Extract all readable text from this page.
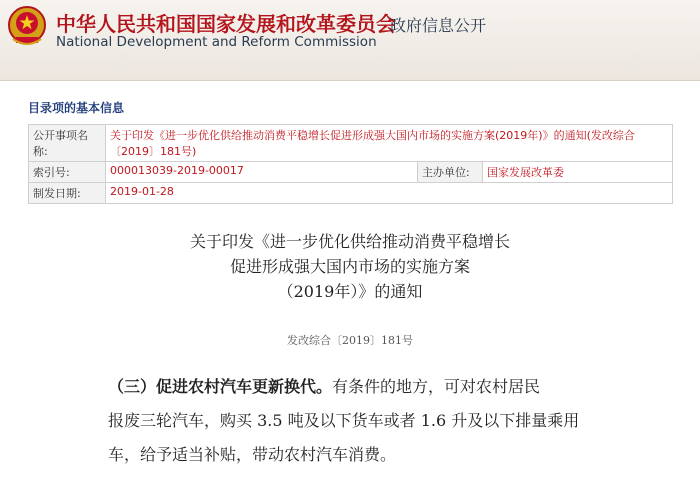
中华人民共和国国家发展和改革委员会
National Development and Reform Commission
政府信息公开
目录项的基本信息
公开事项名称:	关于印发《进一步优化供给推动消费平稳增长促进形成强大国内市场的实施方案(2019年)》的通知(发改综合〔2019〕181号)		
索引号:	000013039-2019-00017	主办单位:	国家发展改革委
制发日期:	2019-01-28		
关于印发《进一步优化供给推动消费平稳增长
促进形成强大国内市场的实施方案
（2019年）》的通知
发改综合〔2019〕181号
（三）促进农村汽车更新换代。有条件的地方，可对农村居民
报废三轮汽车，购买 3.5 吨及以下货车或者 1.6 升及以下排量乘用
车，给予适当补贴，带动农村汽车消费。
